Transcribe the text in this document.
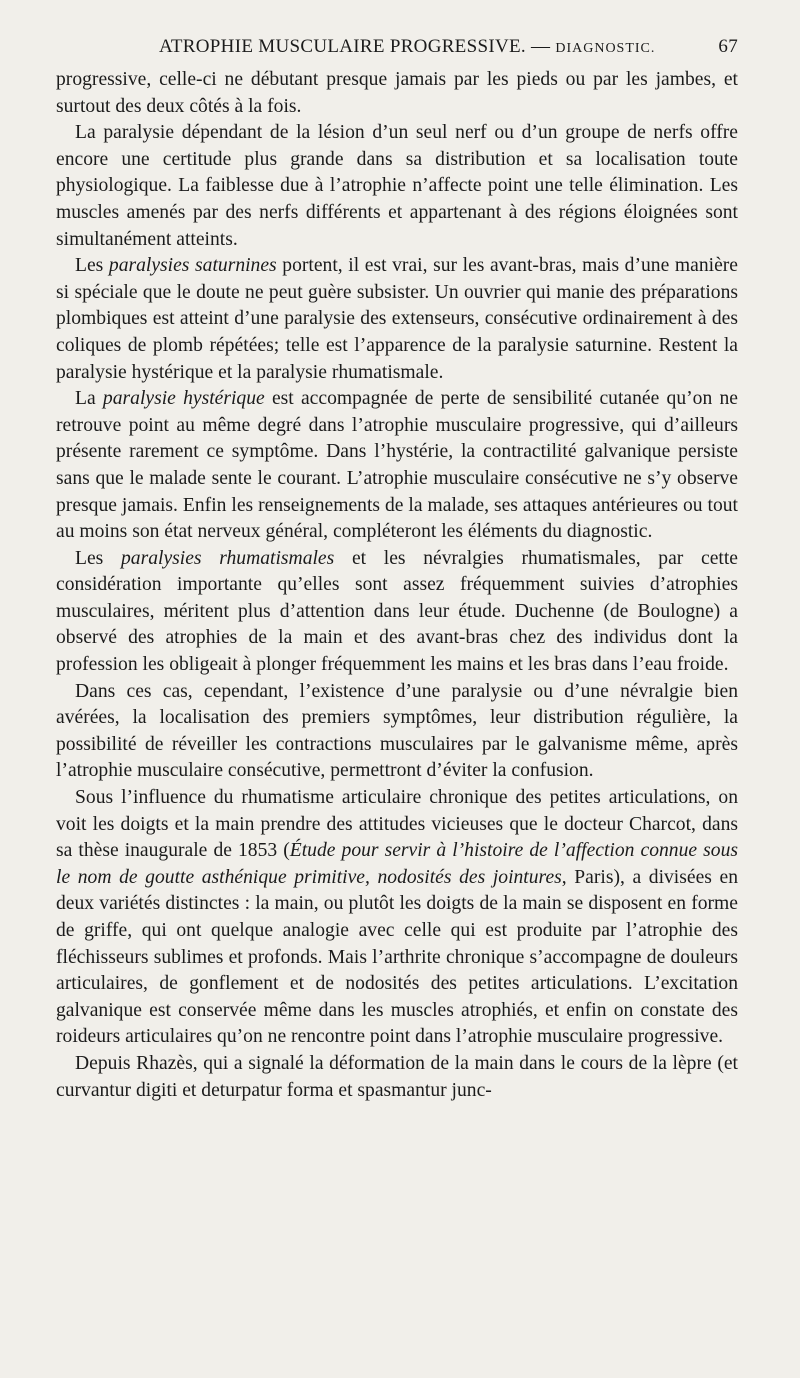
ATROPHIE MUSCULAIRE PROGRESSIVE. — DIAGNOSTIC.	67

progressive, celle-ci ne débutant presque jamais par les pieds ou par les jambes, et surtout des deux côtés à la fois.

La paralysie dépendant de la lésion d’un seul nerf ou d’un groupe de nerfs offre encore une certitude plus grande dans sa distribution et sa localisation toute physiologique. La faiblesse due à l’atrophie n’affecte point une telle élimination. Les muscles amenés par des nerfs différents et appartenant à des régions éloignées sont simultanément atteints.

Les paralysies saturnines portent, il est vrai, sur les avant-bras, mais d’une manière si spéciale que le doute ne peut guère subsister. Un ouvrier qui manie des préparations plombiques est atteint d’une paralysie des extenseurs, consécutive ordinairement à des coliques de plomb répétées; telle est l’apparence de la paralysie saturnine. Restent la paralysie hystérique et la paralysie rhumatismale.

La paralysie hystérique est accompagnée de perte de sensibilité cutanée qu’on ne retrouve point au même degré dans l’atrophie musculaire progressive, qui d’ailleurs présente rarement ce symptôme. Dans l’hystérie, la contractilité galvanique persiste sans que le malade sente le courant. L’atrophie musculaire consécutive ne s’y observe presque jamais. Enfin les renseignements de la malade, ses attaques antérieures ou tout au moins son état nerveux général, compléteront les éléments du diagnostic.

Les paralysies rhumatismales et les névralgies rhumatismales, par cette considération importante qu’elles sont assez fréquemment suivies d’atrophies musculaires, méritent plus d’attention dans leur étude. Duchenne (de Boulogne) a observé des atrophies de la main et des avant-bras chez des individus dont la profession les obligeait à plonger fréquemment les mains et les bras dans l’eau froide.

Dans ces cas, cependant, l’existence d’une paralysie ou d’une névralgie bien avérées, la localisation des premiers symptômes, leur distribution régulière, la possibilité de réveiller les contractions musculaires par le galvanisme même, après l’atrophie musculaire consécutive, permettront d’éviter la confusion.

Sous l’influence du rhumatisme articulaire chronique des petites articulations, on voit les doigts et la main prendre des attitudes vicieuses que le docteur Charcot, dans sa thèse inaugurale de 1853 (Étude pour servir à l’histoire de l’affection connue sous le nom de goutte asthénique primitive, nodosités des jointures, Paris), a divisées en deux variétés distinctes : la main, ou plutôt les doigts de la main se disposent en forme de griffe, qui ont quelque analogie avec celle qui est produite par l’atrophie des fléchisseurs sublimes et profonds. Mais l’arthrite chronique s’accompagne de douleurs articulaires, de gonflement et de nodosités des petites articulations. L’excitation galvanique est conservée même dans les muscles atrophiés, et enfin on constate des roideurs articulaires qu’on ne rencontre point dans l’atrophie musculaire progressive.

Depuis Rhazès, qui a signalé la déformation de la main dans le cours de la lèpre (et curvantur digiti et deturpatur forma et spasmantur junc-
